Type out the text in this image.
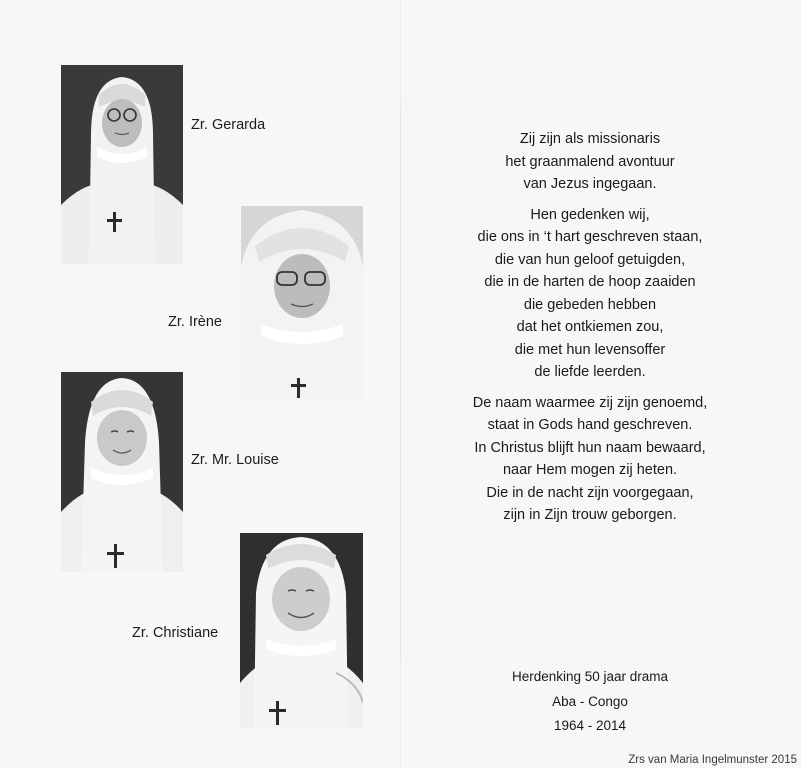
Zr. Gerarda
Zr. Irène
Zr. Mr. Louise
Zr. Christiane
Zij zijn als missionaris
het graanmalend avontuur
van Jezus ingegaan.
Hen gedenken wij,
die ons in ‘t hart geschreven staan,
die van hun geloof getuigden,
die in de harten de hoop zaaiden
die gebeden hebben
dat het ontkiemen zou,
die met hun levensoffer
de liefde leerden.
De naam waarmee zij zijn genoemd,
staat in Gods hand geschreven.
In Christus blijft hun naam bewaard,
naar Hem mogen zij heten.
Die in de nacht zijn voorgegaan,
zijn in Zijn trouw geborgen.
Herdenking 50 jaar drama
Aba - Congo
1964 - 2014
Zrs van Maria Ingelmunster 2015
